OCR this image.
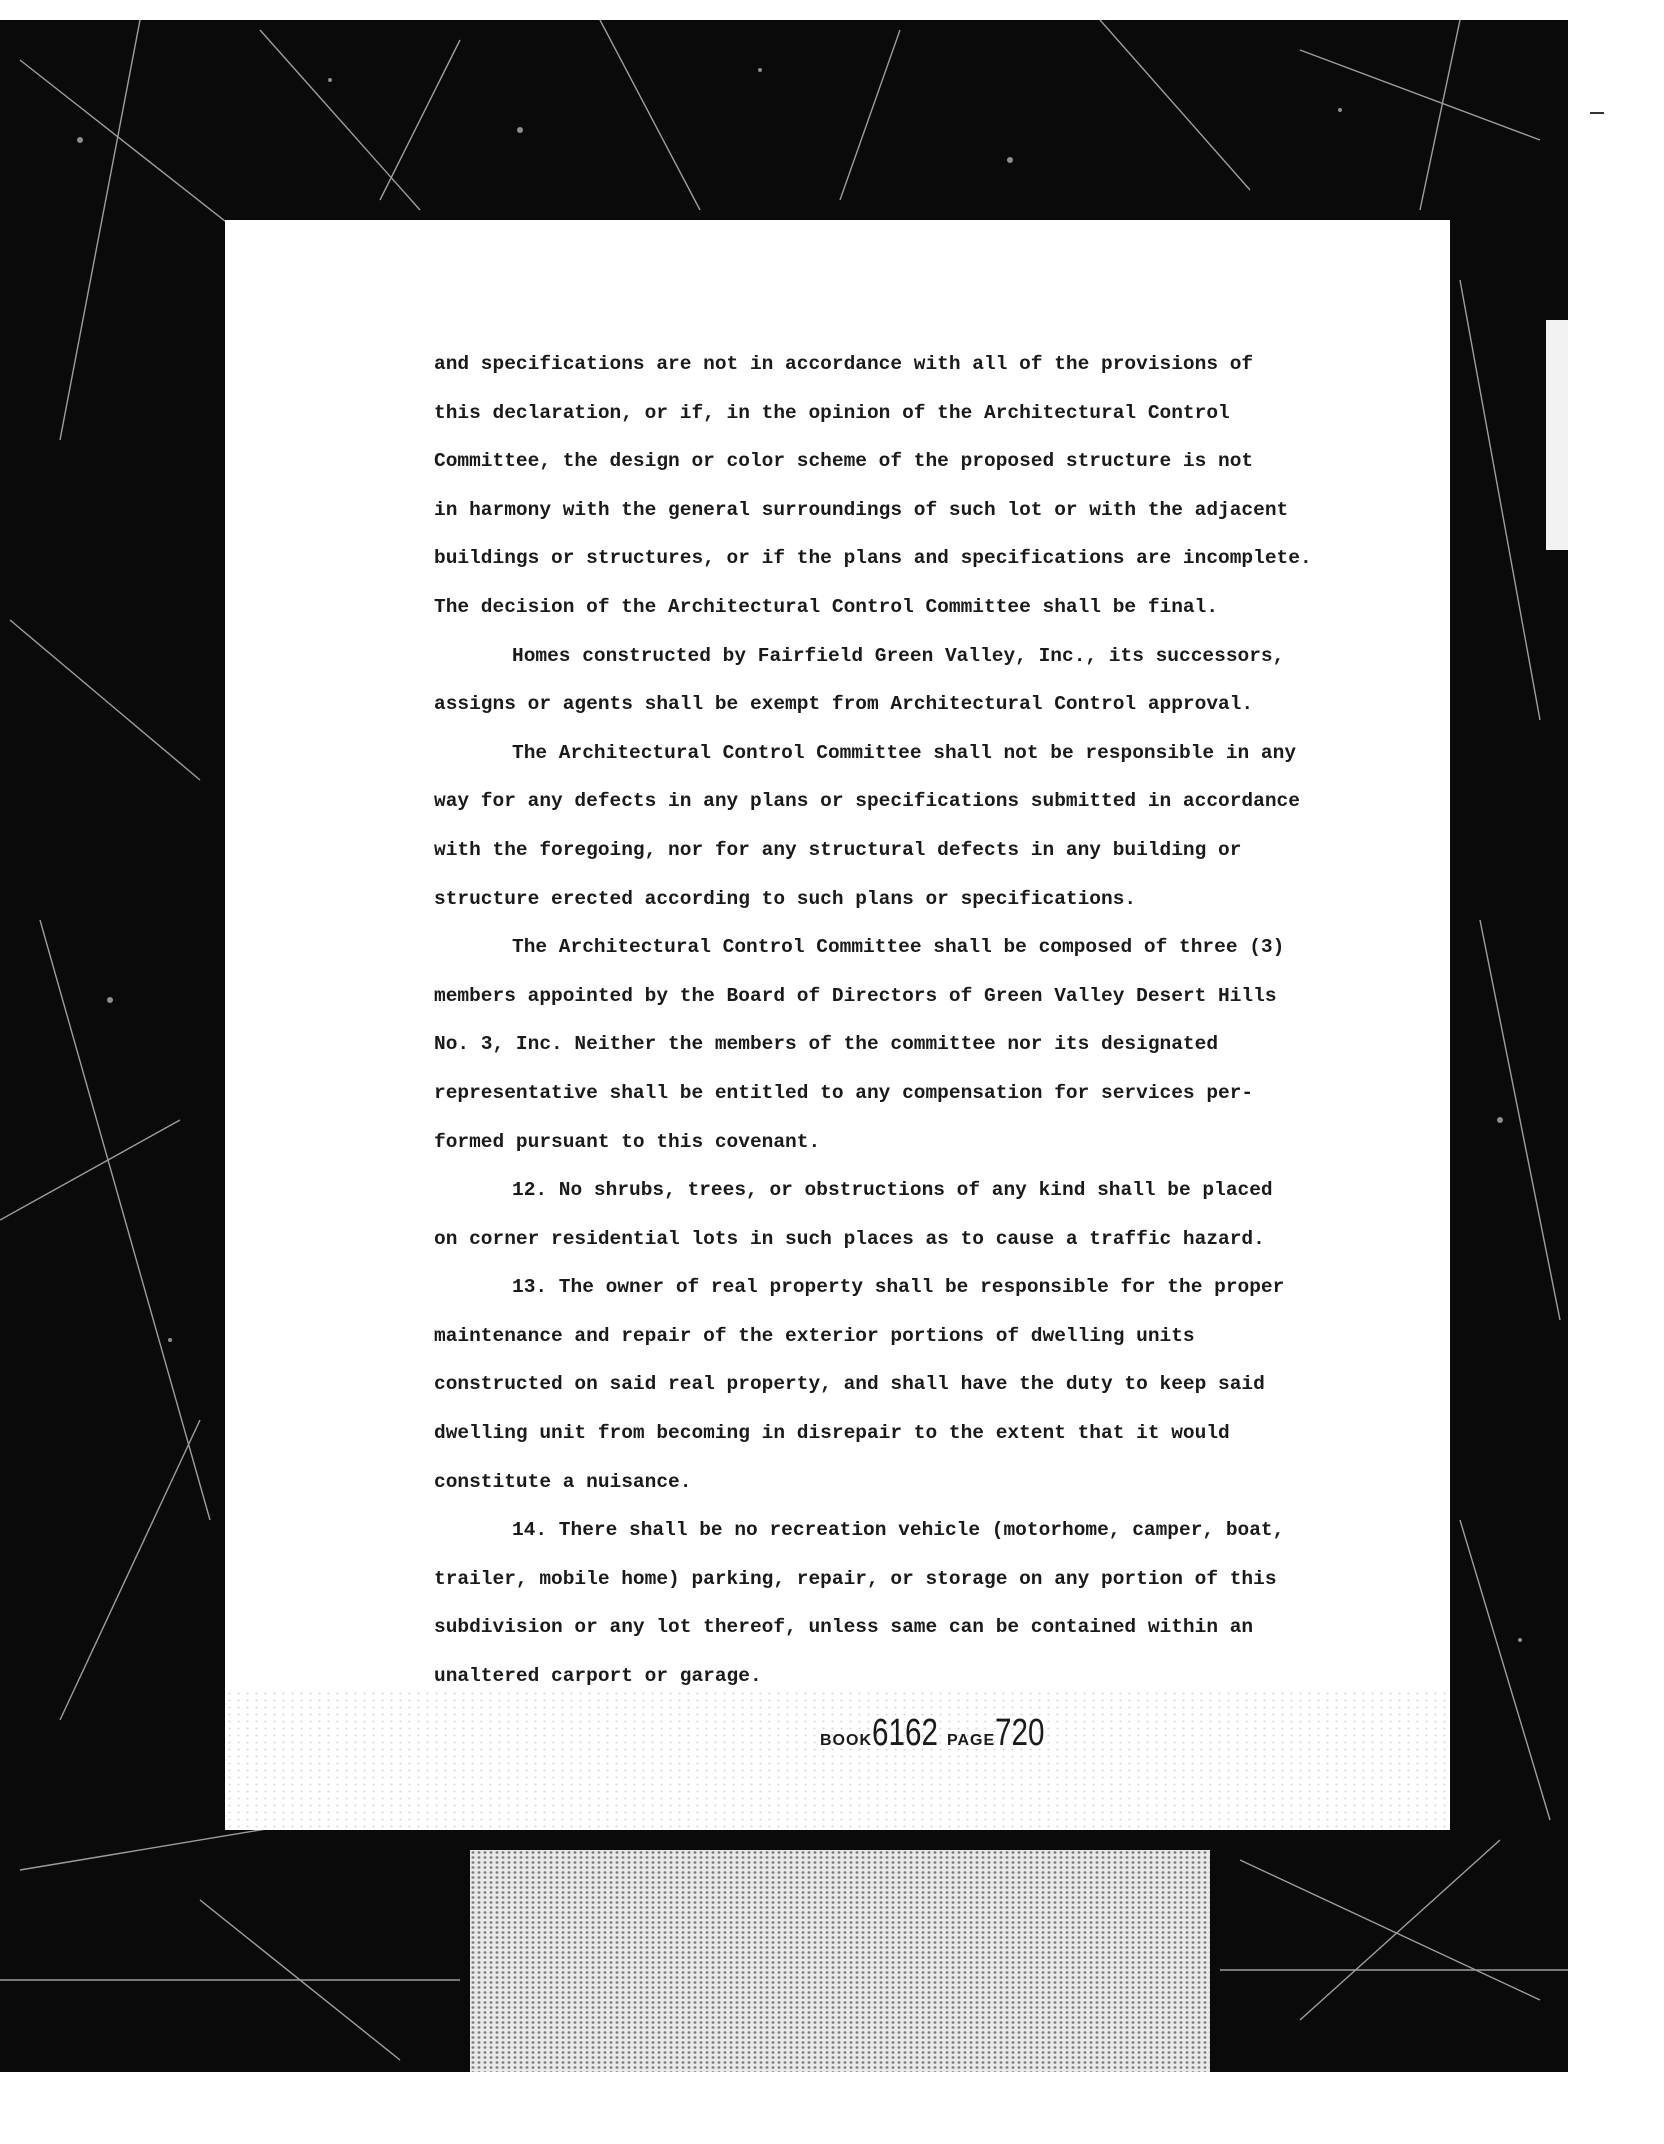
and specifications are not in accordance with all of the provisions of
this declaration, or if, in the opinion of the Architectural Control
Committee, the design or color scheme of the proposed structure is not
in harmony with the general surroundings of such lot or with the adjacent
buildings or structures, or if the plans and specifications are incomplete.
The decision of the Architectural Control Committee shall be final.
Homes constructed by Fairfield Green Valley, Inc., its successors,
assigns or agents shall be exempt from Architectural Control approval.
The Architectural Control Committee shall not be responsible in any
way for any defects in any plans or specifications submitted in accordance
with the foregoing, nor for any structural defects in any building or
structure erected according to such plans or specifications.
The Architectural Control Committee shall be composed of three (3)
members appointed by the Board of Directors of Green Valley Desert Hills
No. 3, Inc. Neither the members of the committee nor its designated
representative shall be entitled to any compensation for services per-
formed pursuant to this covenant.
12. No shrubs, trees, or obstructions of any kind shall be placed
on corner residential lots in such places as to cause a traffic hazard.
13. The owner of real property shall be responsible for the proper
maintenance and repair of the exterior portions of dwelling units
constructed on said real property, and shall have the duty to keep said
dwelling unit from becoming in disrepair to the extent that it would
constitute a nuisance.
14. There shall be no recreation vehicle (motorhome, camper, boat,
trailer, mobile home) parking, repair, or storage on any portion of this
subdivision or any lot thereof, unless same can be contained within an
unaltered carport or garage.
BOOK6162 PAGE720
